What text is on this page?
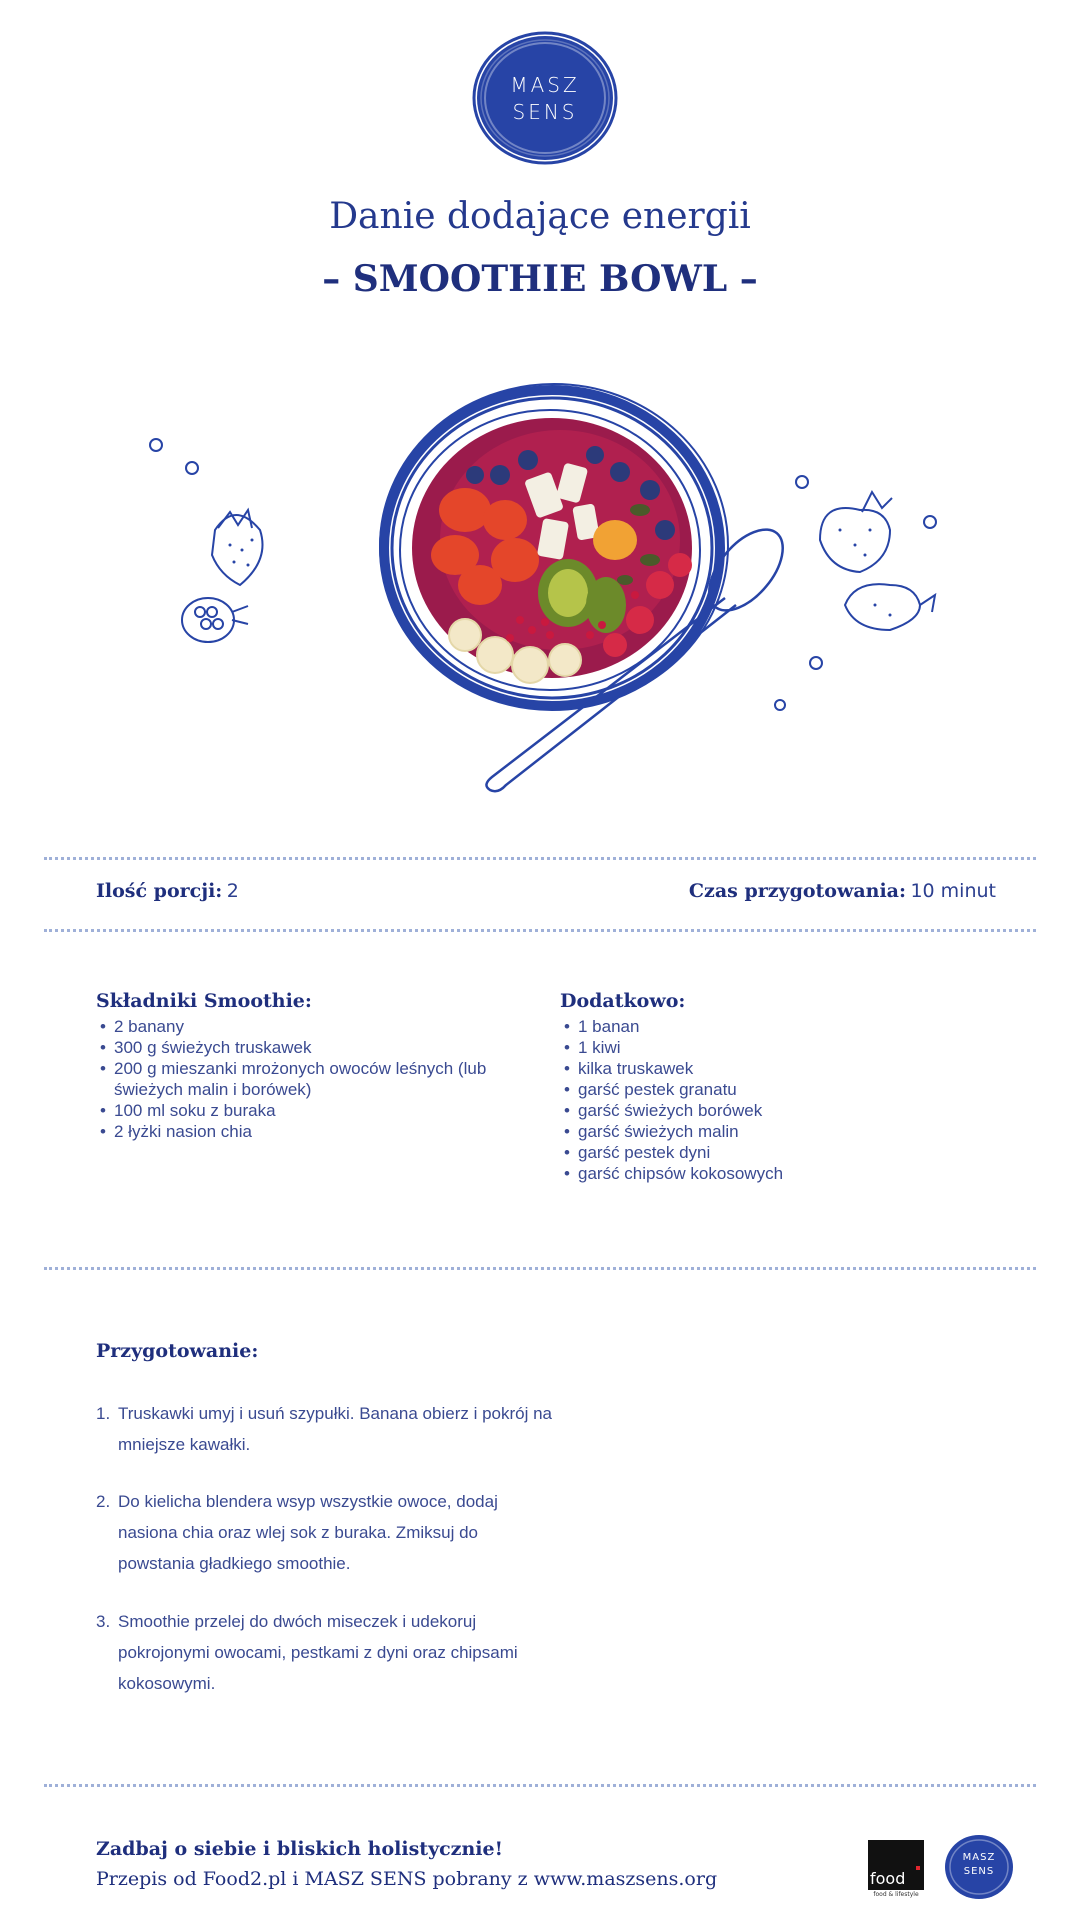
MASZ
SENS
Danie dodające energii
– SMOOTHIE BOWL –
Ilość porcji: 2	Czas przygotowania: 10 minut
Składniki Smoothie:
• 2 banany
• 300 g świeżych truskawek
• 200 g mieszanki mrożonych owoców leśnych (lub świeżych malin i borówek)
• 100 ml soku z buraka
• 2 łyżki nasion chia
Dodatkowo:
• 1 banan
• 1 kiwi
• kilka truskawek
• garść pestek granatu
• garść świeżych borówek
• garść świeżych malin
• garść pestek dyni
• garść chipsów kokosowych
Przygotowanie:
1. Truskawki umyj i usuń szypułki. Banana obierz i pokrój na mniejsze kawałki.
2. Do kielicha blendera wsyp wszystkie owoce, dodaj nasiona chia oraz wlej sok z buraka. Zmiksuj do powstania gładkiego smoothie.
3. Smoothie przelej do dwóch miseczek i udekoruj pokrojonymi owocami, pestkami z dyni oraz chipsami kokosowymi.
Zadbaj o siebie i bliskich holistycznie!
Przepis od Food2.pl i MASZ SENS pobrany z www.maszsens.org	food
food & lifestyle
MASZ
SENS
